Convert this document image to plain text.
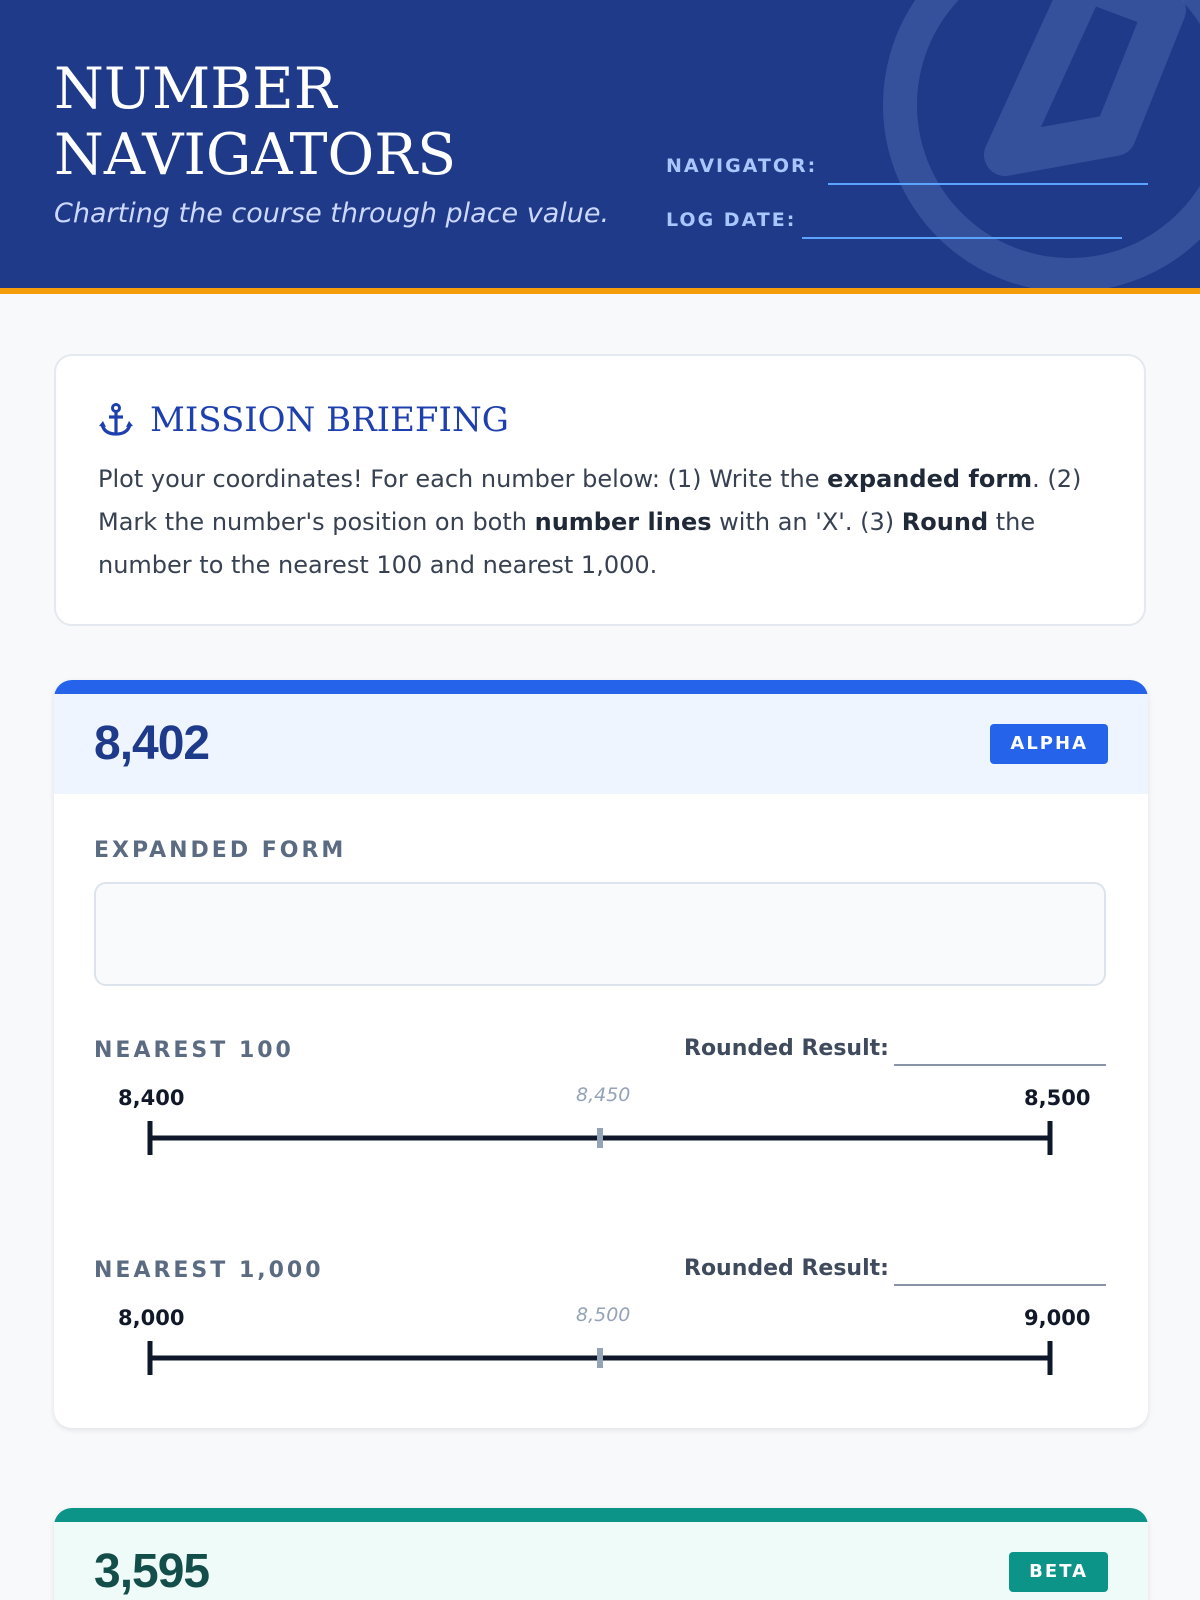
NUMBER
NAVIGATORS
Charting the course through place value.
NAVIGATOR:
LOG DATE:
MISSION BRIEFING
Plot your coordinates! For each number below: (1) Write the expanded form. (2) Mark the number's position on both number lines with an 'X'. (3) Round the number to the nearest 100 and nearest 1,000.
8,402	ALPHA
EXPANDED FORM
NEAREST 100	Rounded Result:
8,400	8,450	8,500
NEAREST 1,000	Rounded Result:
8,000	8,500	9,000
3,595	BETA
